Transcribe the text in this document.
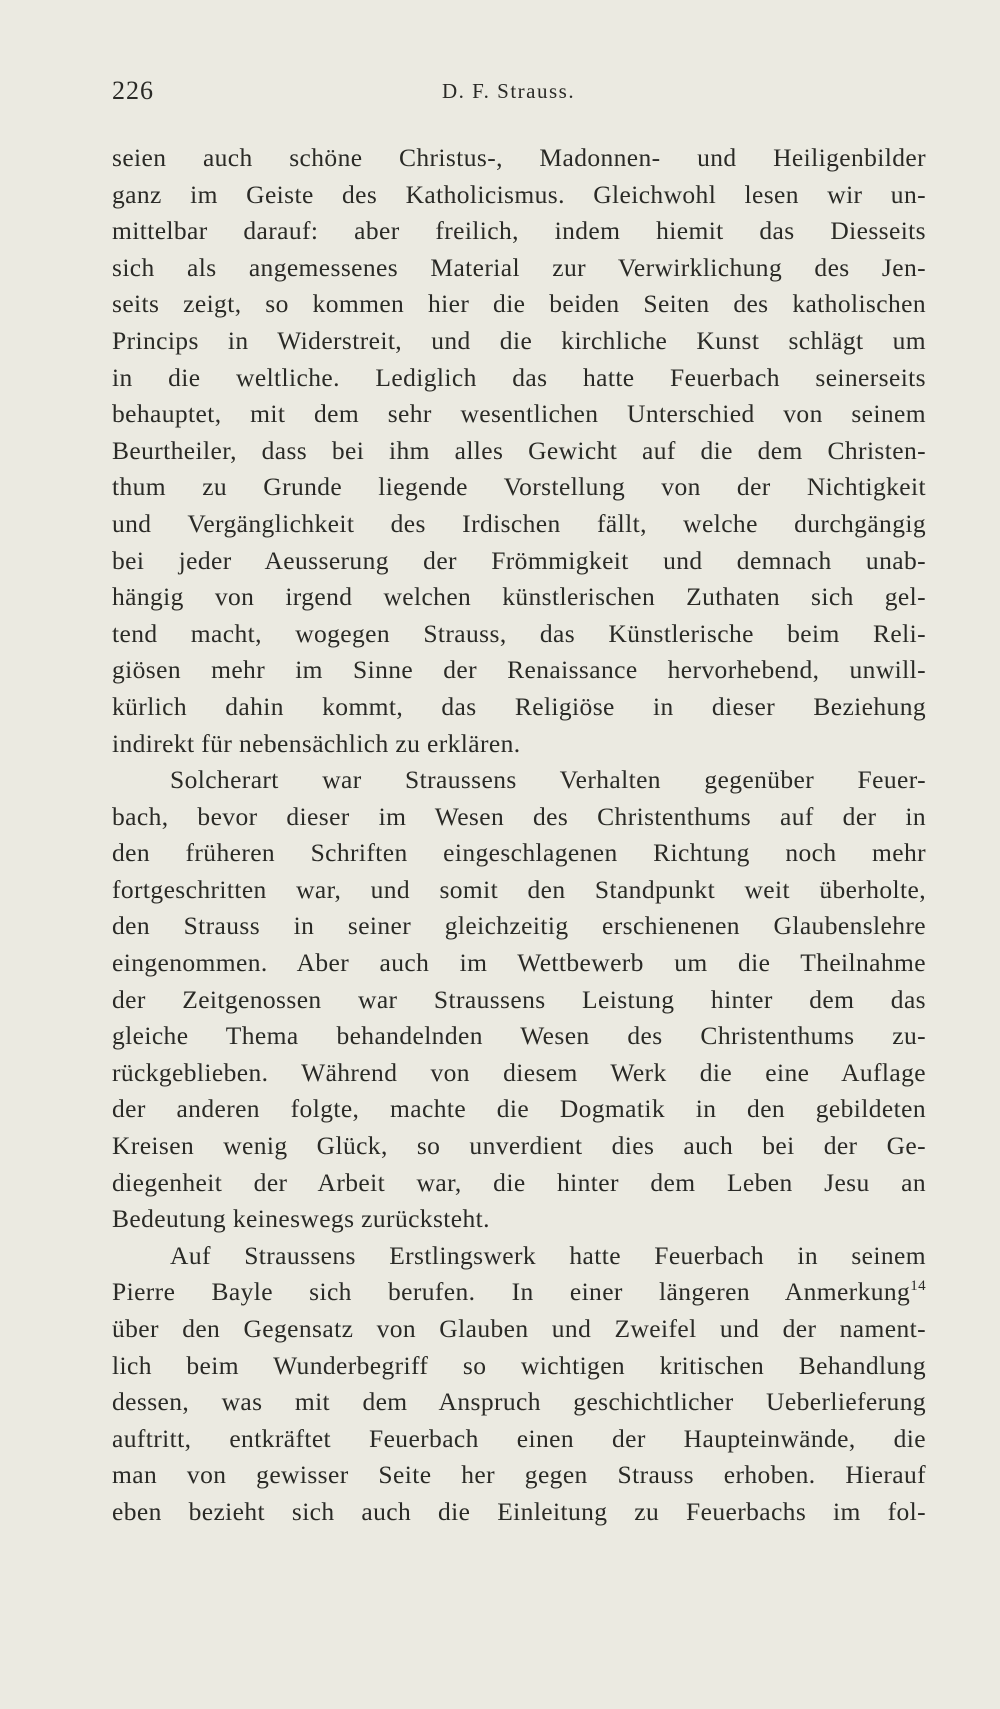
226	D. F. Strauss.
seien auch schöne Christus-, Madonnen- und Heiligenbilder
ganz im Geiste des Katholicismus. Gleichwohl lesen wir un-
mittelbar darauf: aber freilich, indem hiemit das Diesseits
sich als angemessenes Material zur Verwirklichung des Jen-
seits zeigt, so kommen hier die beiden Seiten des katholischen
Princips in Widerstreit, und die kirchliche Kunst schlägt um
in die weltliche. Lediglich das hatte Feuerbach seinerseits
behauptet, mit dem sehr wesentlichen Unterschied von seinem
Beurtheiler, dass bei ihm alles Gewicht auf die dem Christen-
thum zu Grunde liegende Vorstellung von der Nichtigkeit
und Vergänglichkeit des Irdischen fällt, welche durchgängig
bei jeder Aeusserung der Frömmigkeit und demnach unab-
hängig von irgend welchen künstlerischen Zuthaten sich gel-
tend macht, wogegen Strauss, das Künstlerische beim Reli-
giösen mehr im Sinne der Renaissance hervorhebend, unwill-
kürlich dahin kommt, das Religiöse in dieser Beziehung
indirekt für nebensächlich zu erklären.
Solcherart war Straussens Verhalten gegenüber Feuer-
bach, bevor dieser im Wesen des Christenthums auf der in
den früheren Schriften eingeschlagenen Richtung noch mehr
fortgeschritten war, und somit den Standpunkt weit überholte,
den Strauss in seiner gleichzeitig erschienenen Glaubenslehre
eingenommen. Aber auch im Wettbewerb um die Theilnahme
der Zeitgenossen war Straussens Leistung hinter dem das
gleiche Thema behandelnden Wesen des Christenthums zu-
rückgeblieben. Während von diesem Werk die eine Auflage
der anderen folgte, machte die Dogmatik in den gebildeten
Kreisen wenig Glück, so unverdient dies auch bei der Ge-
diegenheit der Arbeit war, die hinter dem Leben Jesu an
Bedeutung keineswegs zurücksteht.
Auf Straussens Erstlingswerk hatte Feuerbach in seinem
Pierre Bayle sich berufen. In einer längeren Anmerkung$^{14}$
über den Gegensatz von Glauben und Zweifel und der nament-
lich beim Wunderbegriff so wichtigen kritischen Behandlung
dessen, was mit dem Anspruch geschichtlicher Ueberlieferung
auftritt, entkräftet Feuerbach einen der Haupteinwände, die
man von gewisser Seite her gegen Strauss erhoben. Hierauf
eben bezieht sich auch die Einleitung zu Feuerbachs im fol-
